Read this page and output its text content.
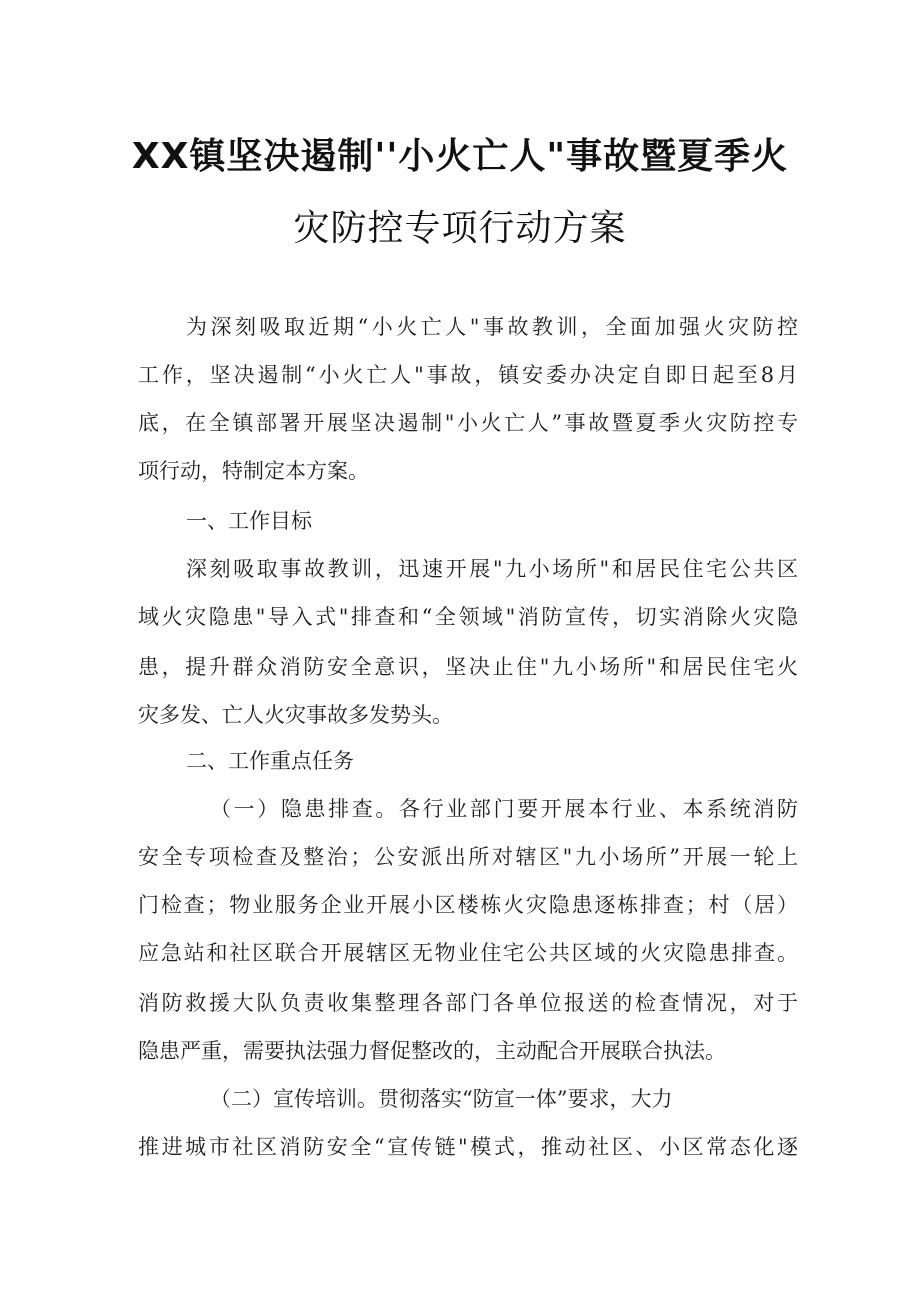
XX镇坚决遏制''小火亡人"事故暨夏季火
灾防控专项行动方案
为深刻吸取近期“小火亡人"事故教训，全面加强火灾防控
工作，坚决遏制“小火亡人"事故，镇安委办决定自即日起至8月
底，在全镇部署开展坚决遏制"小火亡人”事故暨夏季火灾防控专
项行动，特制定本方案。
一、工作目标
深刻吸取事故教训，迅速开展"九小场所"和居民住宅公共区
域火灾隐患"导入式"排查和“全领域"消防宣传，切实消除火灾隐
患，提升群众消防安全意识，坚决止住"九小场所"和居民住宅火
灾多发、亡人火灾事故多发势头。
二、工作重点任务
（一）隐患排查。各行业部门要开展本行业、本系统消防
安全专项检查及整治；公安派出所对辖区"九小场所”开展一轮上
门检查；物业服务企业开展小区楼栋火灾隐患逐栋排查；村（居）
应急站和社区联合开展辖区无物业住宅公共区域的火灾隐患排查。
消防救援大队负责收集整理各部门各单位报送的检查情况，对于
隐患严重，需要执法强力督促整改的，主动配合开展联合执法。
（二）宣传培训。贯彻落实“防宣一体”要求，大力
推进城市社区消防安全“宣传链"模式，推动社区、小区常态化逐
